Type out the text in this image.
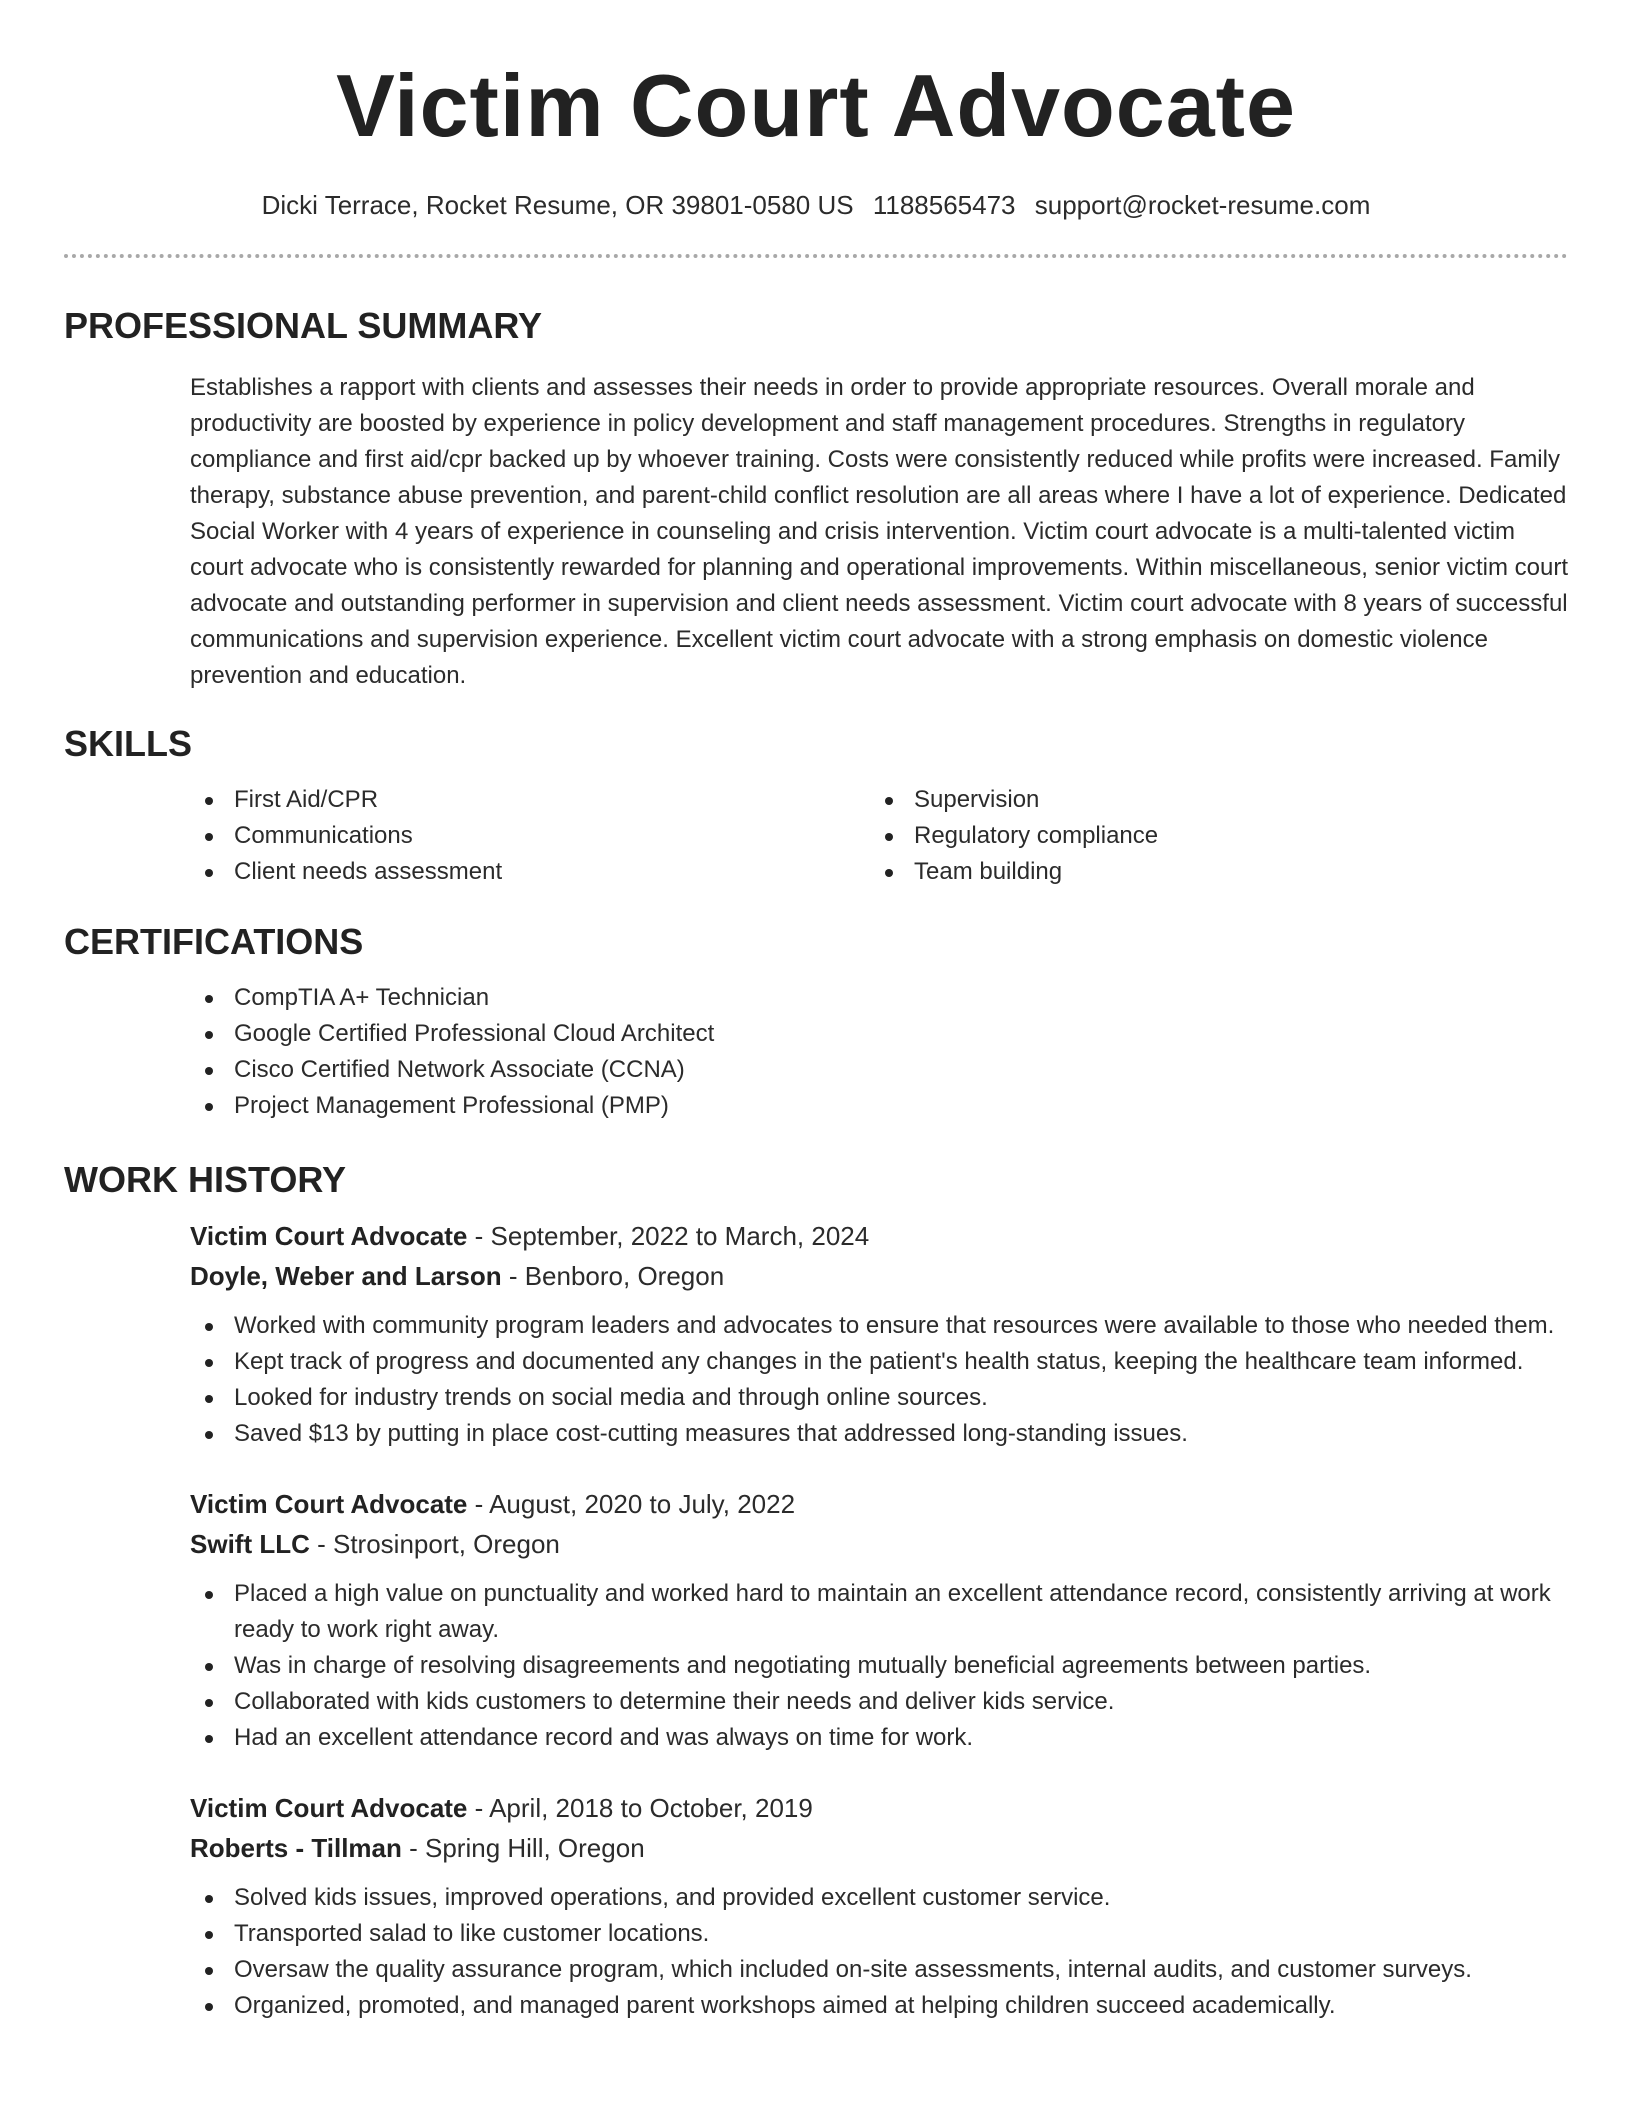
Victim Court Advocate
Dicki Terrace, Rocket Resume, OR 39801-0580 US 1188565473 support@rocket-resume.com
PROFESSIONAL SUMMARY

Establishes a rapport with clients and assesses their needs in order to provide appropriate resources. Overall morale and productivity are boosted by experience in policy development and staff management procedures. Strengths in regulatory compliance and first aid/cpr backed up by whoever training. Costs were consistently reduced while profits were increased. Family therapy, substance abuse prevention, and parent-child conflict resolution are all areas where I have a lot of experience. Dedicated Social Worker with 4 years of experience in counseling and crisis intervention. Victim court advocate is a multi-talented victim court advocate who is consistently rewarded for planning and operational improvements. Within miscellaneous, senior victim court advocate and outstanding performer in supervision and client needs assessment. Victim court advocate with 8 years of successful communications and supervision experience. Excellent victim court advocate with a strong emphasis on domestic violence prevention and education.

SKILLS
First Aid/CPR
Communications
Client needs assessment
Supervision
Regulatory compliance
Team building
CERTIFICATIONS
CompTIA A+ Technician
Google Certified Professional Cloud Architect
Cisco Certified Network Associate (CCNA)
Project Management Professional (PMP)
WORK HISTORY
Victim Court Advocate - September, 2022 to March, 2024
Doyle, Weber and Larson - Benboro, Oregon
Worked with community program leaders and advocates to ensure that resources were available to those who needed them.
Kept track of progress and documented any changes in the patient's health status, keeping the healthcare team informed.
Looked for industry trends on social media and through online sources.
Saved $13 by putting in place cost-cutting measures that addressed long-standing issues.
Victim Court Advocate - August, 2020 to July, 2022
Swift LLC - Strosinport, Oregon
Placed a high value on punctuality and worked hard to maintain an excellent attendance record, consistently arriving at work ready to work right away.
Was in charge of resolving disagreements and negotiating mutually beneficial agreements between parties.
Collaborated with kids customers to determine their needs and deliver kids service.
Had an excellent attendance record and was always on time for work.
Victim Court Advocate - April, 2018 to October, 2019
Roberts - Tillman - Spring Hill, Oregon
Solved kids issues, improved operations, and provided excellent customer service.
Transported salad to like customer locations.
Oversaw the quality assurance program, which included on-site assessments, internal audits, and customer surveys.
Organized, promoted, and managed parent workshops aimed at helping children succeed academically.
